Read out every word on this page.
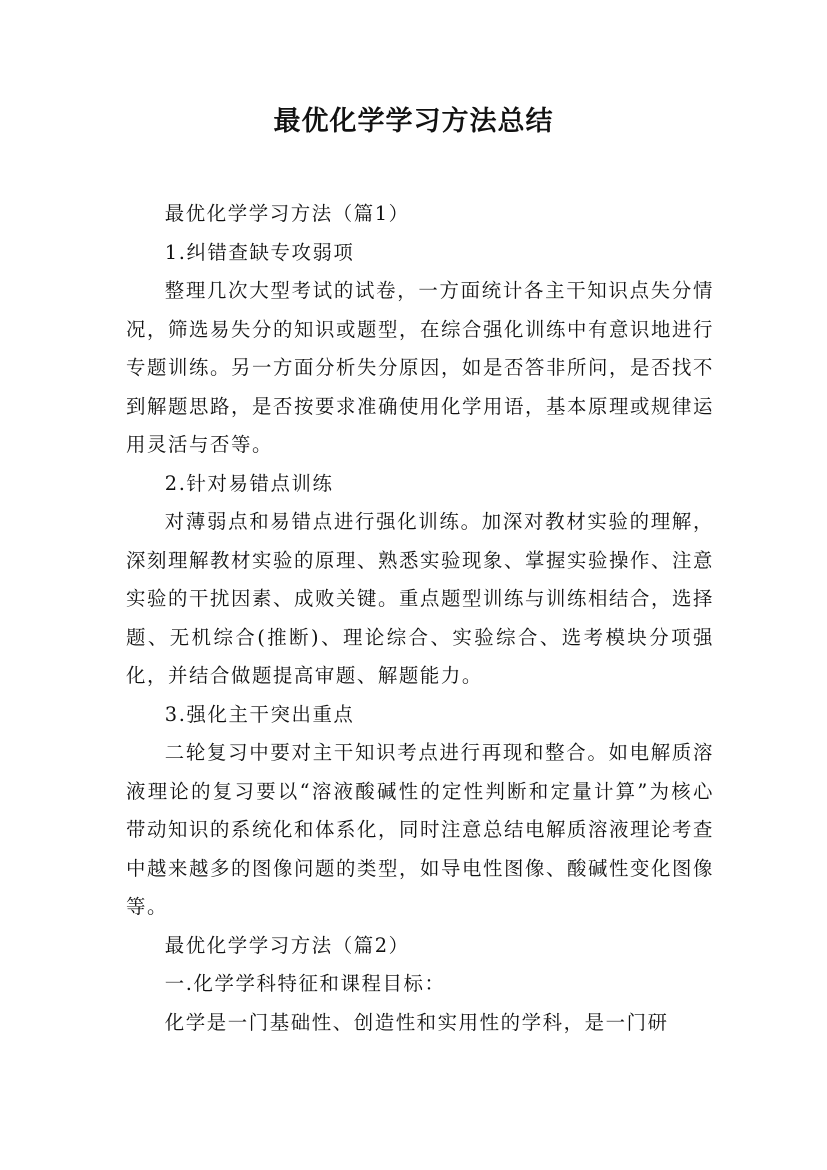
最优化学学习方法总结

最优化学学习方法（篇1）

1.纠错查缺专攻弱项

整理几次大型考试的试卷，一方面统计各主干知识点失分情况，筛选易失分的知识或题型，在综合强化训练中有意识地进行专题训练。另一方面分析失分原因，如是否答非所问，是否找不到解题思路，是否按要求准确使用化学用语，基本原理或规律运用灵活与否等。

2.针对易错点训练

对薄弱点和易错点进行强化训练。加深对教材实验的理解，深刻理解教材实验的原理、熟悉实验现象、掌握实验操作、注意实验的干扰因素、成败关键。重点题型训练与训练相结合，选择题、无机综合(推断)、理论综合、实验综合、选考模块分项强化，并结合做题提高审题、解题能力。

3.强化主干突出重点

二轮复习中要对主干知识考点进行再现和整合。如电解质溶液理论的复习要以“溶液酸碱性的定性判断和定量计算”为核心带动知识的系统化和体系化，同时注意总结电解质溶液理论考查中越来越多的图像问题的类型，如导电性图像、酸碱性变化图像等。

最优化学学习方法（篇2）

一.化学学科特征和课程目标：

化学是一门基础性、创造性和实用性的学科，是一门研
